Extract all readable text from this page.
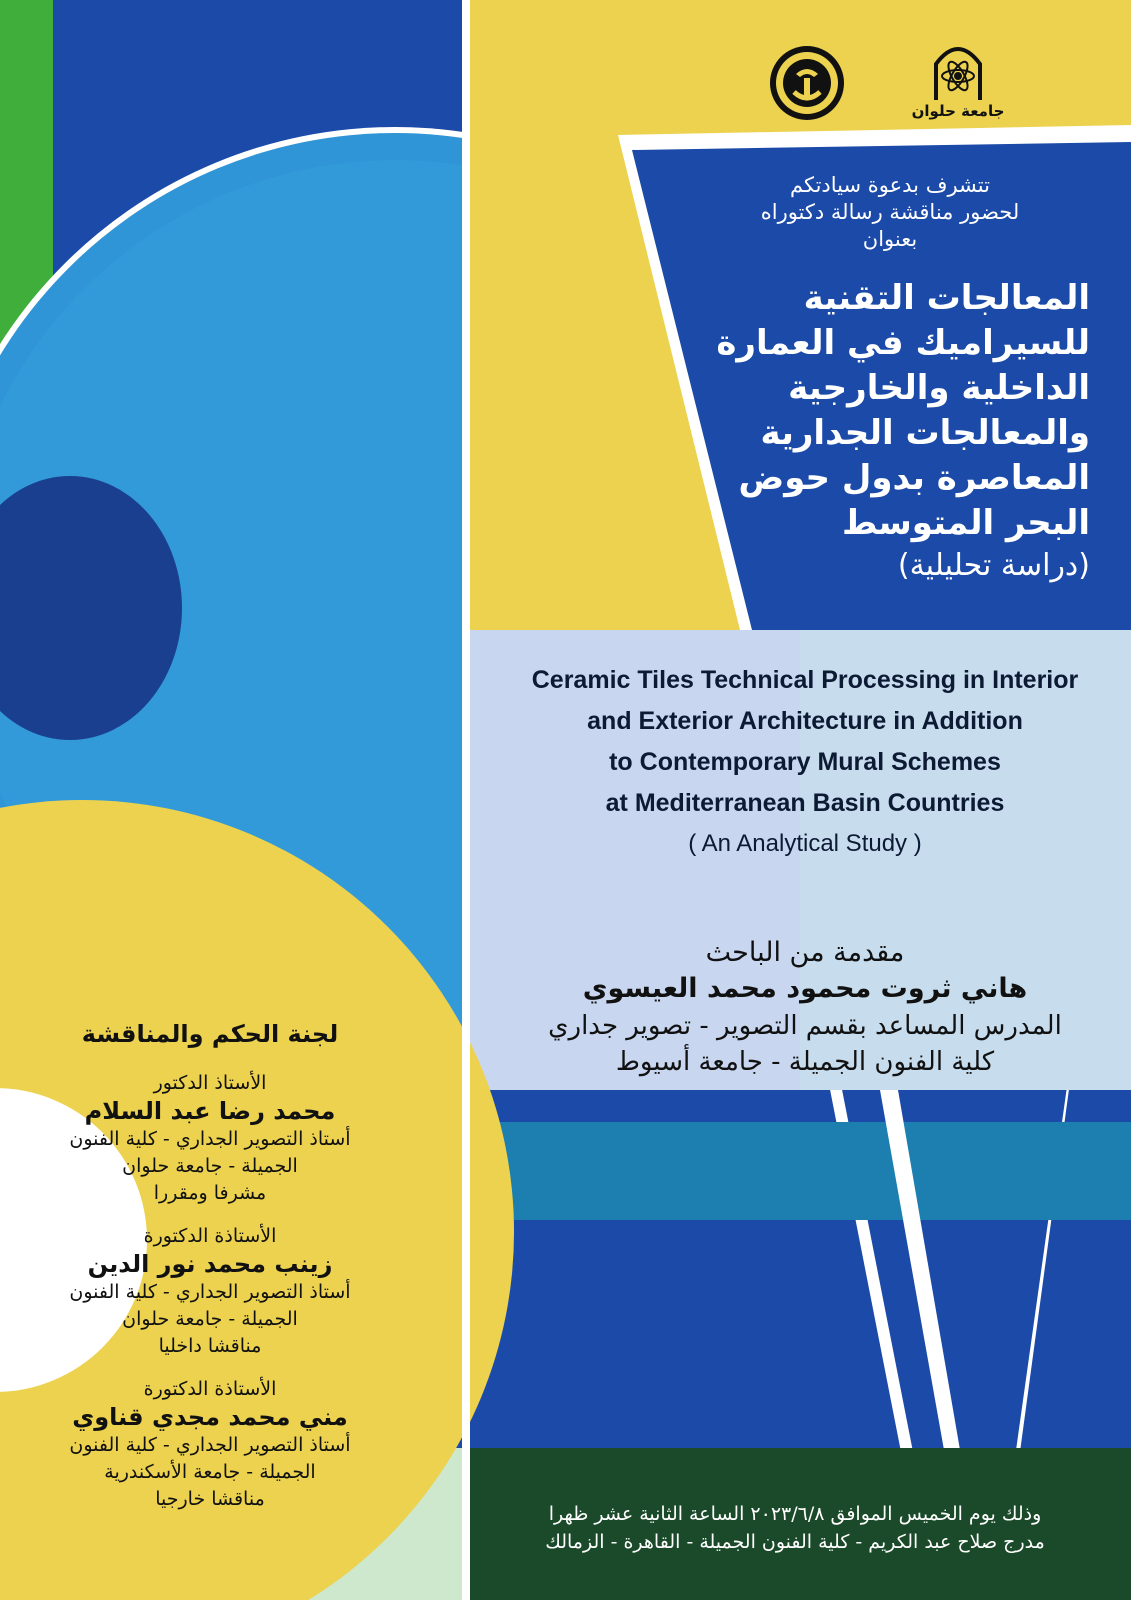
جامعة حلوان
تتشرف بدعوة سيادتكم
لحضور مناقشة رسالة دكتوراه
بعنوان
المعالجات التقنية
للسيراميك في العمارة
الداخلية والخارجية
والمعالجات الجدارية
المعاصرة بدول حوض
البحر المتوسط
(دراسة تحليلية)
Ceramic Tiles Technical Processing in Interior
and Exterior Architecture in Addition
to Contemporary Mural Schemes
at Mediterranean Basin Countries
( An Analytical Study )
مقدمة من الباحث
هاني ثروت محمود محمد العيسوي
المدرس المساعد بقسم التصوير - تصوير جداري
كلية الفنون الجميلة - جامعة أسيوط
لجنة الحكم والمناقشة
الأستاذ الدكتور
محمد رضا عبد السلام
أستاذ التصوير الجداري - كلية الفنون
الجميلة - جامعة حلوان
مشرفا ومقررا
الأستاذة الدكتورة
زينب محمد نور الدين
أستاذ التصوير الجداري - كلية الفنون
الجميلة - جامعة حلوان
مناقشا داخليا
الأستاذة الدكتورة
مني محمد مجدي قناوي
أستاذ التصوير الجداري - كلية الفنون
الجميلة - جامعة الأسكندرية
مناقشا خارجيا
وذلك يوم الخميس الموافق ٢٠٢٣/٦/٨ الساعة الثانية عشر ظهرا
مدرج صلاح عبد الكريم - كلية الفنون الجميلة - القاهرة - الزمالك
